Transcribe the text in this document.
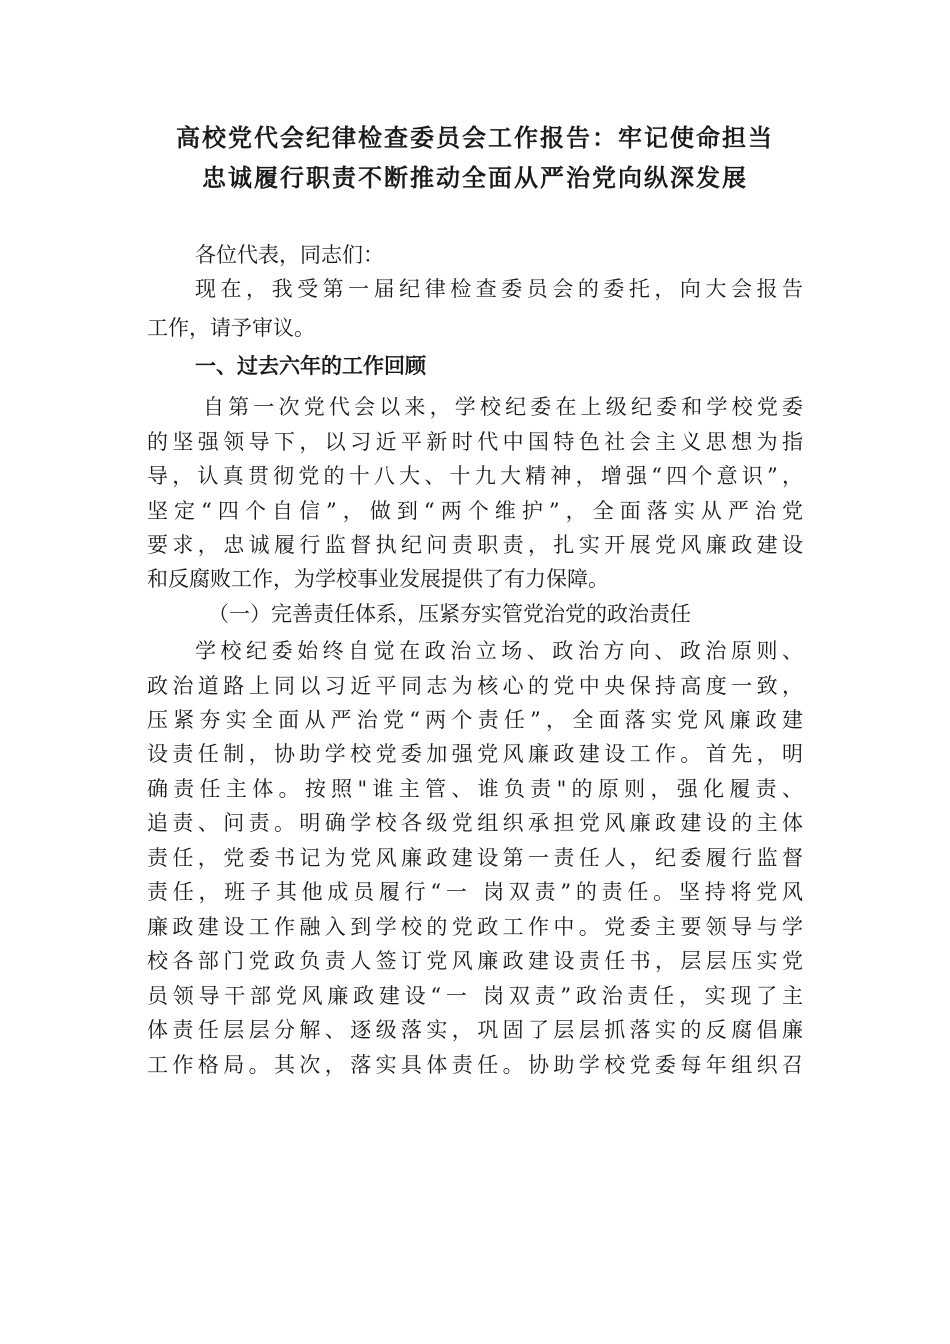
高校党代会纪律检查委员会工作报告：牢记使命担当
忠诚履行职责不断推动全面从严治党向纵深发展
各位代表，同志们：
现在，我受第一届纪律检查委员会的委托，向大会报告
工作，请予审议。
一、过去六年的工作回顾
自第一次党代会以来，学校纪委在上级纪委和学校党委
的坚强领导下，以习近平新时代中国特色社会主义思想为指
导，认真贯彻党的十八大、十九大精神，增强“四个意识”，
坚定“四个自信”，做到“两个维护”，全面落实从严治党
要求，忠诚履行监督执纪问责职责，扎实开展党风廉政建设
和反腐败工作，为学校事业发展提供了有力保障。
（一）完善责任体系，压紧夯实管党治党的政治责任
学校纪委始终自觉在政治立场、政治方向、政治原则、
政治道路上同以习近平同志为核心的党中央保持高度一致，
压紧夯实全面从严治党“两个责任”，全面落实党风廉政建
设责任制，协助学校党委加强党风廉政建设工作。首先，明
确责任主体。按照"谁主管、谁负责"的原则，强化履责、
追责、问责。明确学校各级党组织承担党风廉政建设的主体
责任，党委书记为党风廉政建设第一责任人，纪委履行监督
责任，班子其他成员履行“一 岗双责”的责任。坚持将党风
廉政建设工作融入到学校的党政工作中。党委主要领导与学
校各部门党政负责人签订党风廉政建设责任书，层层压实党
员领导干部党风廉政建设“一 岗双责”政治责任，实现了主
体责任层层分解、逐级落实，巩固了层层抓落实的反腐倡廉
工作格局。其次，落实具体责任。协助学校党委每年组织召
